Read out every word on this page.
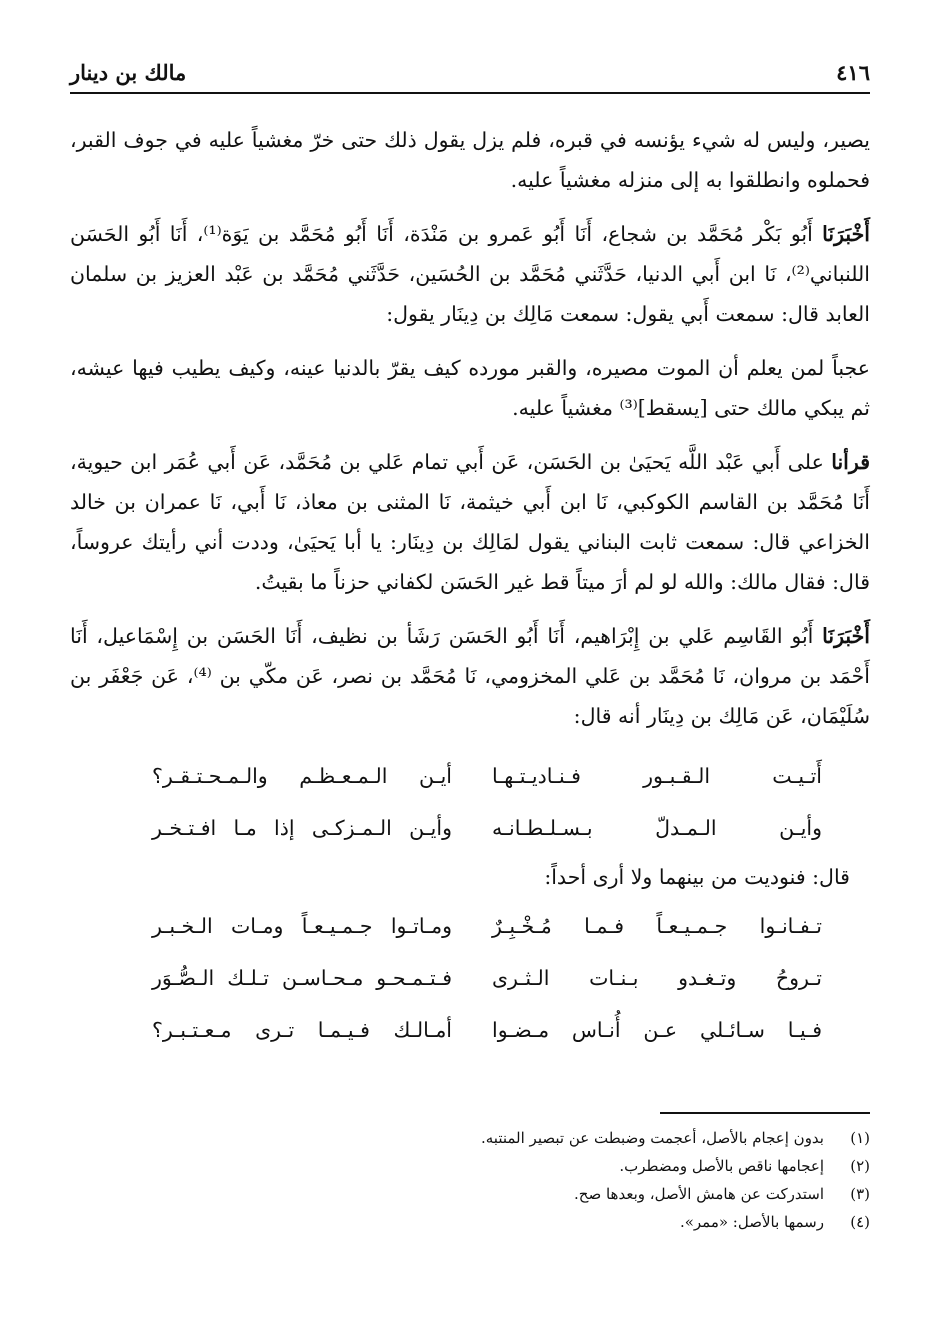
٤١٦
مالك بن دينار

يصير، وليس له شيء يؤنسه في قبره، فلم يزل يقول ذلك حتى خرّ مغشياً عليه في جوف القبر، فحملوه وانطلقوا به إلى منزله مغشياً عليه.

أَخْبَرَنَا أَبُو بَكْر مُحَمَّد بن شجاع، أَنَا أَبُو عَمرو بن مَنْدَة، أَنَا أَبُو مُحَمَّد بن يَوَة⁽¹⁾، أَنَا أَبُو الحَسَن اللنباني⁽²⁾، نَا ابن أَبي الدنيا، حَدَّثَني مُحَمَّد بن الحُسَين، حَدَّثَني مُحَمَّد بن عَبْد العزيز بن سلمان العابد قال: سمعت أَبي يقول: سمعت مَالِك بن دِينَار يقول:

عجباً لمن يعلم أن الموت مصيره، والقبر مورده كيف يقرّ بالدنيا عينه، وكيف يطيب فيها عيشه، ثم يبكي مالك حتى [يسقط]⁽³⁾ مغشياً عليه.

قرأنا على أَبي عَبْد اللَّه يَحيَىٰ بن الحَسَن، عَن أَبي تمام عَلي بن مُحَمَّد، عَن أَبي عُمَر ابن حيوية، أَنَا مُحَمَّد بن القاسم الكوكبي، نَا ابن أَبي خيثمة، نَا المثنى بن معاذ، نَا أَبي، نَا عمران بن خالد الخزاعي قال: سمعت ثابت البناني يقول لمَالِك بن دِينَار: يا أبا يَحيَىٰ، وددت أني رأيتك عروساً، قال: فقال مالك: والله لو لم أرَ ميتاً قط غير الحَسَن لكفاني حزناً ما بقيتُ.

أَخْبَرَنَا أَبُو القَاسِم عَلي بن إِبْرَاهيم، أَنَا أَبُو الحَسَن رَشَأ بن نظيف، أَنَا الحَسَن بن إِسْمَاعيل، أَنَا أَحْمَد بن مروان، نَا مُحَمَّد بن عَلي المخزومي، نَا مُحَمَّد بن نصر، عَن مكّي بن ⁽⁴⁾، عَن جَعْفَر بن سُلَيْمَان، عَن مَالِك بن دِينَار أنه قال:

أَتـيـت الـقـبـور فـنـاديـتـهـا
أيـن الـمـعـظـم والـمـحـتـقـر؟
وأيـن الـمـدلّ بـسـلـطـانـه
وأيـن الـمـزكـى إذا مـا افـتـخـر
قال: فنوديت من بينهما ولا أرى أحداً:
تـفـانـوا جـمـيـعـاً فـمـا مُـخْـبِـرٌ
ومـاتـوا جـمـيـعـاً ومـات الـخـبـر
تـروحُ وتـغـدو بـنـات الـثـرى
فـتـمـحـو مـحـاسـن تـلـك الـصُّـوَر
فـيـا سـائـلي عـن أُنـاس مـضـوا
أمـالـك فـيـمـا تـرى مـعـتـبـر؟
(١)
بدون إعجام بالأصل، أعجمت وضبطت عن تبصير المنتبه.
(٢)
إعجامها ناقص بالأصل ومضطرب.
(٣)
استدركت عن هامش الأصل، وبعدها صح.
(٤)
رسمها بالأصل: «ممر».
